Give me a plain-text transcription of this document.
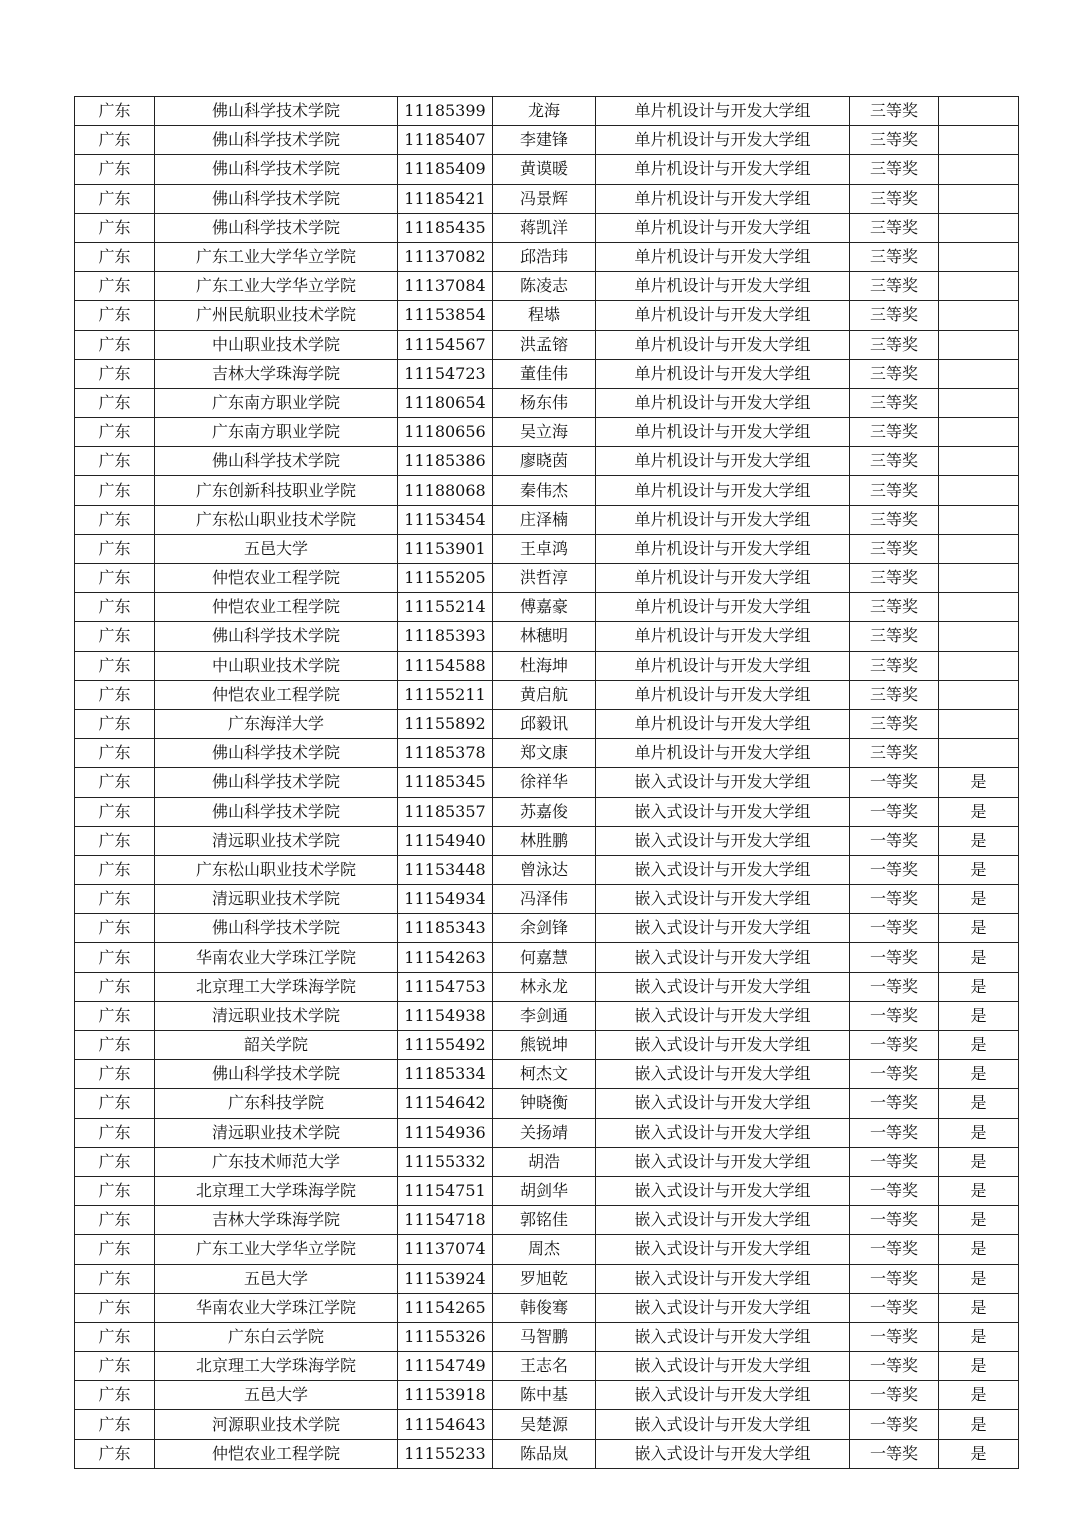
广东	佛山科学技术学院	11185399	龙海	单片机设计与开发大学组	三等奖	
广东	佛山科学技术学院	11185407	李建锋	单片机设计与开发大学组	三等奖	
广东	佛山科学技术学院	11185409	黄谟暖	单片机设计与开发大学组	三等奖	
广东	佛山科学技术学院	11185421	冯景辉	单片机设计与开发大学组	三等奖	
广东	佛山科学技术学院	11185435	蒋凯洋	单片机设计与开发大学组	三等奖	
广东	广东工业大学华立学院	11137082	邱浩玮	单片机设计与开发大学组	三等奖	
广东	广东工业大学华立学院	11137084	陈凌志	单片机设计与开发大学组	三等奖	
广东	广州民航职业技术学院	11153854	程塨	单片机设计与开发大学组	三等奖	
广东	中山职业技术学院	11154567	洪孟镕	单片机设计与开发大学组	三等奖	
广东	吉林大学珠海学院	11154723	董佳伟	单片机设计与开发大学组	三等奖	
广东	广东南方职业学院	11180654	杨东伟	单片机设计与开发大学组	三等奖	
广东	广东南方职业学院	11180656	吴立海	单片机设计与开发大学组	三等奖	
广东	佛山科学技术学院	11185386	廖晓茵	单片机设计与开发大学组	三等奖	
广东	广东创新科技职业学院	11188068	秦伟杰	单片机设计与开发大学组	三等奖	
广东	广东松山职业技术学院	11153454	庄泽楠	单片机设计与开发大学组	三等奖	
广东	五邑大学	11153901	王卓鸿	单片机设计与开发大学组	三等奖	
广东	仲恺农业工程学院	11155205	洪哲淳	单片机设计与开发大学组	三等奖	
广东	仲恺农业工程学院	11155214	傅嘉豪	单片机设计与开发大学组	三等奖	
广东	佛山科学技术学院	11185393	林穗明	单片机设计与开发大学组	三等奖	
广东	中山职业技术学院	11154588	杜海坤	单片机设计与开发大学组	三等奖	
广东	仲恺农业工程学院	11155211	黄启航	单片机设计与开发大学组	三等奖	
广东	广东海洋大学	11155892	邱毅讯	单片机设计与开发大学组	三等奖	
广东	佛山科学技术学院	11185378	郑文康	单片机设计与开发大学组	三等奖	
广东	佛山科学技术学院	11185345	徐祥华	嵌入式设计与开发大学组	一等奖	是
广东	佛山科学技术学院	11185357	苏嘉俊	嵌入式设计与开发大学组	一等奖	是
广东	清远职业技术学院	11154940	林胜鹏	嵌入式设计与开发大学组	一等奖	是
广东	广东松山职业技术学院	11153448	曾泳达	嵌入式设计与开发大学组	一等奖	是
广东	清远职业技术学院	11154934	冯泽伟	嵌入式设计与开发大学组	一等奖	是
广东	佛山科学技术学院	11185343	余剑锋	嵌入式设计与开发大学组	一等奖	是
广东	华南农业大学珠江学院	11154263	何嘉慧	嵌入式设计与开发大学组	一等奖	是
广东	北京理工大学珠海学院	11154753	林永龙	嵌入式设计与开发大学组	一等奖	是
广东	清远职业技术学院	11154938	李剑通	嵌入式设计与开发大学组	一等奖	是
广东	韶关学院	11155492	熊锐坤	嵌入式设计与开发大学组	一等奖	是
广东	佛山科学技术学院	11185334	柯杰文	嵌入式设计与开发大学组	一等奖	是
广东	广东科技学院	11154642	钟晓衡	嵌入式设计与开发大学组	一等奖	是
广东	清远职业技术学院	11154936	关扬靖	嵌入式设计与开发大学组	一等奖	是
广东	广东技术师范大学	11155332	胡浩	嵌入式设计与开发大学组	一等奖	是
广东	北京理工大学珠海学院	11154751	胡剑华	嵌入式设计与开发大学组	一等奖	是
广东	吉林大学珠海学院	11154718	郭铭佳	嵌入式设计与开发大学组	一等奖	是
广东	广东工业大学华立学院	11137074	周杰	嵌入式设计与开发大学组	一等奖	是
广东	五邑大学	11153924	罗旭乾	嵌入式设计与开发大学组	一等奖	是
广东	华南农业大学珠江学院	11154265	韩俊骞	嵌入式设计与开发大学组	一等奖	是
广东	广东白云学院	11155326	马智鹏	嵌入式设计与开发大学组	一等奖	是
广东	北京理工大学珠海学院	11154749	王志名	嵌入式设计与开发大学组	一等奖	是
广东	五邑大学	11153918	陈中基	嵌入式设计与开发大学组	一等奖	是
广东	河源职业技术学院	11154643	吴楚源	嵌入式设计与开发大学组	一等奖	是
广东	仲恺农业工程学院	11155233	陈品岚	嵌入式设计与开发大学组	一等奖	是
